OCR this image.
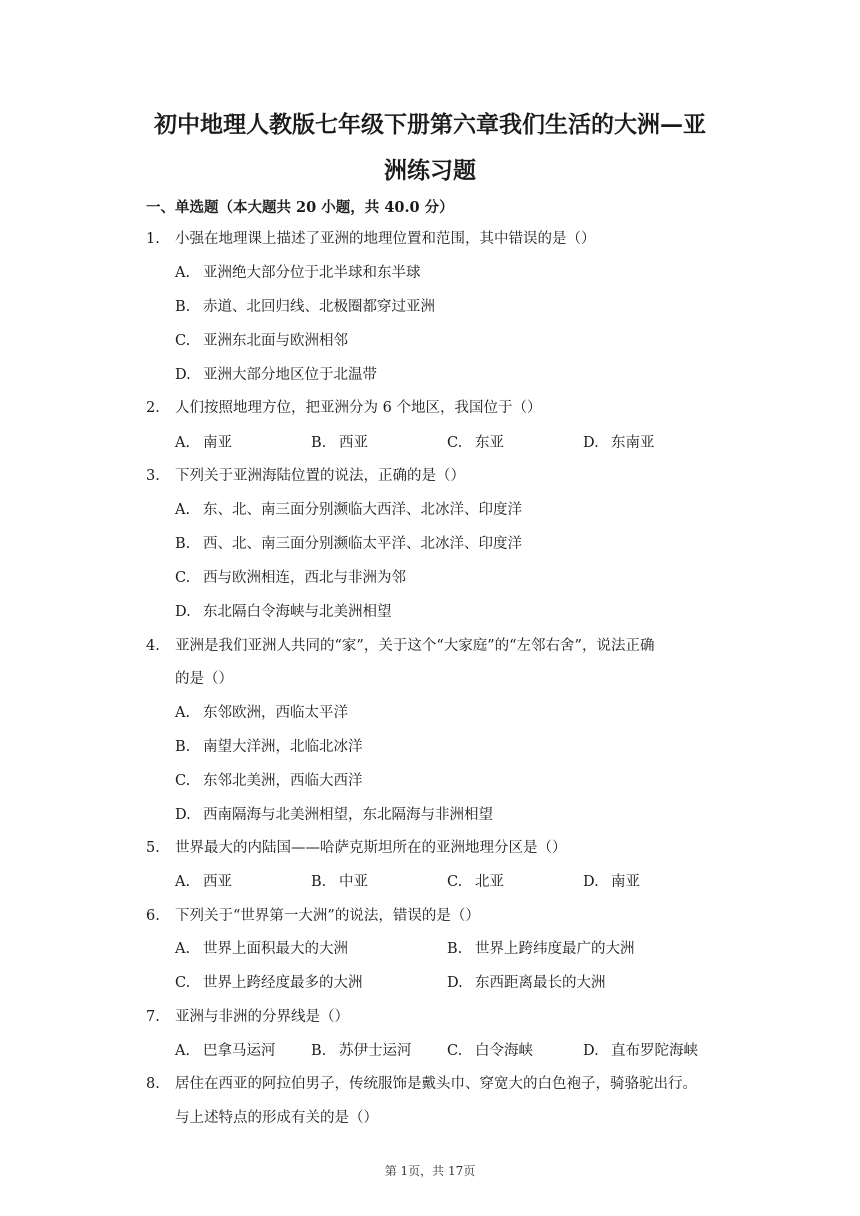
初中地理人教版七年级下册第六章我们生活的大洲—亚
洲练习题
一、单选题（本大题共 20 小题，共 40.0 分）
1.	小强在地理课上描述了亚洲的地理位置和范围，其中错误的是（）
A. 亚洲绝大部分位于北半球和东半球
B. 赤道、北回归线、北极圈都穿过亚洲
C. 亚洲东北面与欧洲相邻
D. 亚洲大部分地区位于北温带
2.	人们按照地理方位，把亚洲分为 6 个地区，我国位于（）
A. 南亚	B. 西亚	C. 东亚	D. 东南亚
3.	下列关于亚洲海陆位置的说法，正确的是（）
A. 东、北、南三面分别濒临大西洋、北冰洋、印度洋
B. 西、北、南三面分别濒临太平洋、北冰洋、印度洋
C. 西与欧洲相连，西北与非洲为邻
D. 东北隔白令海峡与北美洲相望
4.	亚洲是我们亚洲人共同的“家”，关于这个“大家庭”的“左邻右舍”，说法正确
的是（）
A. 东邻欧洲，西临太平洋
B. 南望大洋洲，北临北冰洋
C. 东邻北美洲，西临大西洋
D. 西南隔海与北美洲相望，东北隔海与非洲相望
5.	世界最大的内陆国——哈萨克斯坦所在的亚洲地理分区是（）
A. 西亚	B. 中亚	C. 北亚	D. 南亚
6.	下列关于“世界第一大洲”的说法，错误的是（）
A. 世界上面积最大的大洲	B. 世界上跨纬度最广的大洲
C. 世界上跨经度最多的大洲	D. 东西距离最长的大洲
7.	亚洲与非洲的分界线是（）
A. 巴拿马运河 B. 苏伊士运河 C. 白令海峡	D. 直布罗陀海峡
8.	居住在西亚的阿拉伯男子，传统服饰是戴头巾、穿宽大的白色袍子，骑骆驼出行。
与上述特点的形成有关的是（）
第 1页，共 17页
